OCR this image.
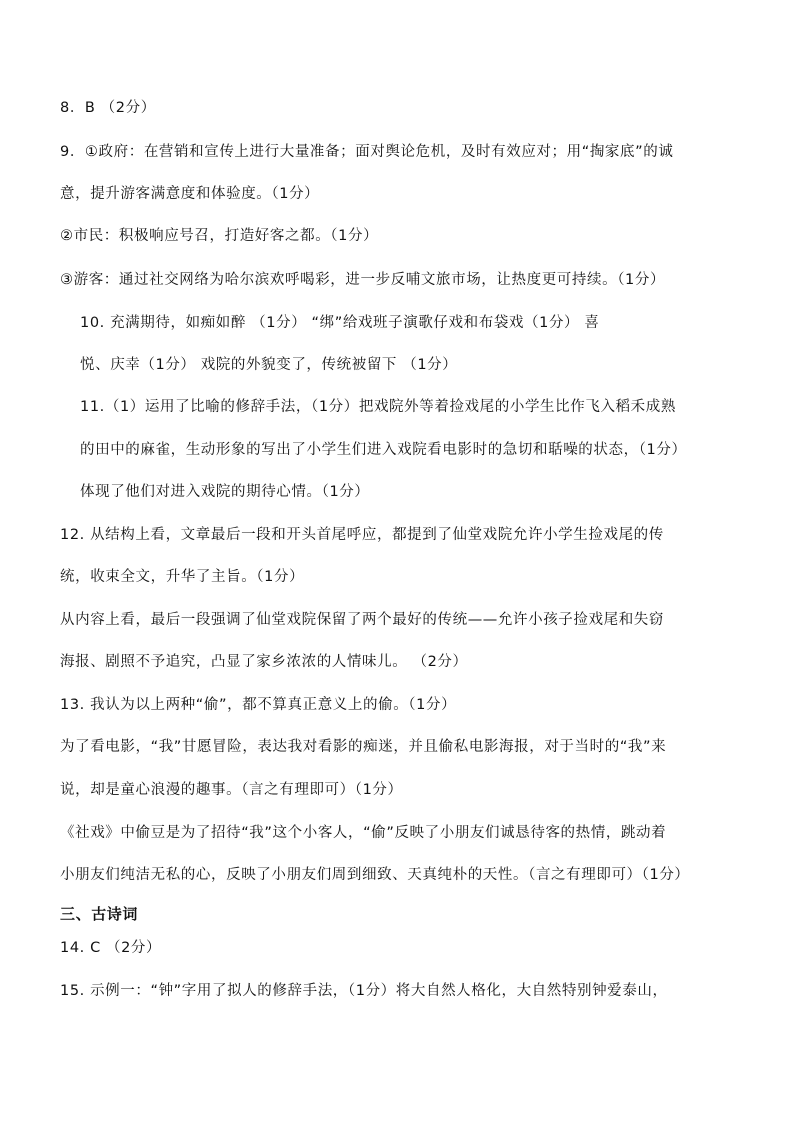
8．B （2分）
9．①政府：在营销和宣传上进行大量准备；面对舆论危机，及时有效应对；用“掏家底”的诚
意，提升游客满意度和体验度。（1分）
②市民：积极响应号召，打造好客之都。（1分）
③游客：通过社交网络为哈尔滨欢呼喝彩，进一步反哺文旅市场，让热度更可持续。（1分）
10. 充满期待，如痴如醉 （1分） “绑”给戏班子演歌仔戏和布袋戏（1分） 喜
悦、庆幸（1分） 戏院的外貌变了，传统被留下 （1分）
11.（1）运用了比喻的修辞手法，（1分）把戏院外等着捡戏尾的小学生比作飞入稻禾成熟
的田中的麻雀，生动形象的写出了小学生们进入戏院看电影时的急切和聒噪的状态，（1分）
体现了他们对进入戏院的期待心情。（1分）
12. 从结构上看，文章最后一段和开头首尾呼应，都提到了仙堂戏院允许小学生捡戏尾的传
统，收束全文，升华了主旨。（1分）
从内容上看，最后一段强调了仙堂戏院保留了两个最好的传统——允许小孩子捡戏尾和失窃
海报、剧照不予追究，凸显了家乡浓浓的人情味儿。 （2分）
13. 我认为以上两种“偷”，都不算真正意义上的偷。（1分）
为了看电影，“我”甘愿冒险，表达我对看影的痴迷，并且偷私电影海报，对于当时的“我”来
说，却是童心浪漫的趣事。（言之有理即可）（1分）
《社戏》中偷豆是为了招待“我”这个小客人，“偷”反映了小朋友们诚恳待客的热情，跳动着
小朋友们纯洁无私的心，反映了小朋友们周到细致、天真纯朴的天性。（言之有理即可）（1分）
三、古诗词
14. C （2分）
15. 示例一：“钟”字用了拟人的修辞手法，（1分）将大自然人格化，大自然特别钟爱泰山，
